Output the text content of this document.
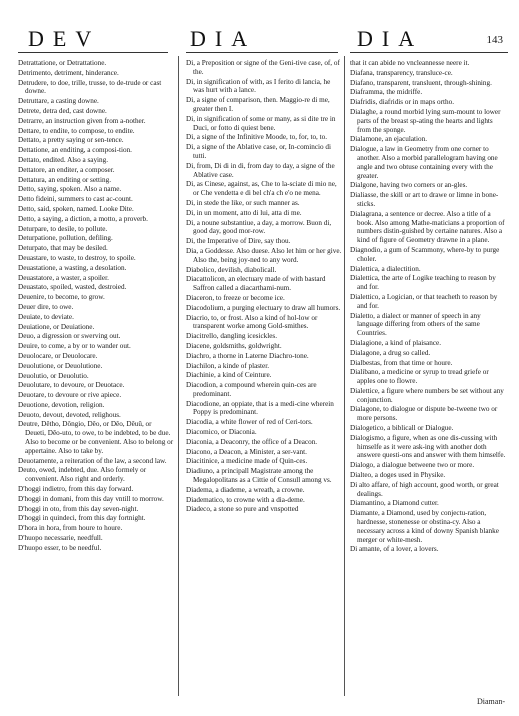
DEV	DIA	DIA	143
Detrattatione, or Detrattatione.
Detrimento, detriment, hinderance.
Detrudere, to doe, trille, trusse, to de-trude or cast downe.
Detruttare, a casting downe.
Detrete, detra ded, cast downe.
Detrarre, an instruction given from a-nother.
Dettare, to endite, to compose, to endite.
Dettato, a pretty saying or sen-tence.
Dettatione, an enditing, a composi-tion.
Dettato, endited. Also a saying.
Dettatore, an enditer, a composer.
Dettatura, an enditing or setting.
Detto, saying, spoken. Also a name.
Detto fideini, summers to cast ac-count.
Detto, said, spoken, named. Looke Dite.
Detto, a saying, a diction, a motto, a proverb.
Deturpare, to desile, to pollute.
Deturpatione, pollution, defiling.
Deturpato, that may be desiled.
Deuastare, to waste, to destroy, to spoile.
Deuastatione, a wasting, a desolation.
Deuastatore, a waster, a spoiler.
Deuastato, spoiled, wasted, destroied.
Deuenire, to become, to grow.
Deuer dire, to owe.
Deuiate, to deviate.
Deuiatione, or Deuiatione.
Deuo, a digression or swerving out.
Deuire, to come, a by or to wander out.
Deuolocare, or Deuolocare.
Deuolutione, or Deuolutione.
Deuolutio, or Deuolutio.
Deuolutare, to devoure, or Deuotace.
Deuotare, to devoure or rive apiece.
Deuotione, devotion, religion.
Deuoto, devout, devoted, relighous.
Deutre, Dêtho, Dôngio, Dêo, or Dêo, Dêuû, or Deueti, Dêo-uto, to owe, to be indebted, to be due. Also to become or be convenient. Also to belong or appertaine. Also to take by.
Deuotamente, a reiteration of the law, a second law.
Deuto, owed, indebted, due. Also formely or convenient. Also right and orderly.
D'hoggi indietro, from this day forward.
D'hoggi in domani, from this day vntill to morrow.
D'hoggi in oto, from this day seven-night.
D'hoggi in quindeci, from this day fortnight.
D'hora in hora, from houre to houre.
D'huopo necessarie, needfull.
D'huopo esser, to be needful.
Di, a Preposition or signe of the Geni-tive case, of, of the.
Di, in signification of with, as I ferito di lancia, he was hurt with a lance.
Di, a signe of comparison, then. Maggio-re di me, greater then I.
Di, in signification of some or many, as si dite tre in Duci, or fotto di quiest bene.
Di, a signe of the Infinitive Moode, to, for, to, to.
Di, a signe of the Ablative case, or, In-comincio di tutti.
Di, from, Di di in di, from day to day, a signe of the Ablative case.
Di, as Cinese, against, as, Che to la-sciate di mio ne, or Che vendetta e di bel ch'a ch e'o ne mena.
Di, in stede the like, or such manner as.
Di, in un moment, atto di lui, atta di me.
Di, a noune substantiue, a day, a morrow. Buon di, good day, good mor-row.
Di, the Imperative of Dire, say thou.
Dia, a Goddesse. Also duese. Also let him or her give. Also the, being joy-ned to any word.
Diabolico, devilish, diabolicall.
Diacattolicon, an electuary made of with bastard Saffron called a diacarthami-num.
Diaceron, to freeze or become ice.
Diacodolium, a purging electuary to draw all humors.
Diacrio, to, or frost. Also a kind of hol-low or transparent worke among Gold-smithes.
Diacitrello, dangling icesickles.
Diacene, goldsmiths, goldwright.
Diachro, a thorne in Laterne Diachro-tone.
Diachilon, a kinde of plaster.
Diachinie, a kind of Ceinture.
Diacodion, a compound wherein quin-ces are predominant.
Diacodione, an oppiate, that is a medi-cine wherein Poppy is predominant.
Diacodia, a white flower of red of Ceri-tors.
Diacomico, or Diaconia.
Diaconia, a Deaconry, the office of a Deacon.
Diacono, a Deacon, a Minister, a ser-vant.
Diacitinice, a medicine made of Quin-ces.
Diadiuno, a principall Magistrate among the Megalopolitans as a Cittie of Consull among vs.
Diadema, a diademe, a wreath, a crowne.
Diadematico, to crowne with a dia-deme.
Diadeco, a stone so pure and vnspotted
that it can abide no vncleannesse neere it.
Diafana, transparency, transluce-ce.
Diafano, transparent, transluent, through-shining.
Diaframma, the midriffe.
Diafridis, diafridis or in maps ortho.
Dialaghe, a round morbid lying sum-mount to lower parts of the breast sp-ating the hearts and lights from the sponge.
Dialamone, an ejaculation.
Dialogue, a law in Geometry from one corner to another. Also a morbid parallelogram having one angle and two obtuse containing every with the greater.
Dialgone, having two corners or an-gles.
Dialiasse, the skill or art to drawe or limne in bone-sticks.
Dialagrana, a sentence or decree. Also a title of a book. Also among Mathe-maticians a proportion of numbers distin-guished by certaine natures. Also a kind of figure of Geometry drawne in a plane.
Diagnodio, a gum of Scammony, where-by to purge choler.
Dialettica, a dialectition.
Dialettica, the arte of Logike teaching to reason by and for.
Dialettico, a Logician, or that teacheth to reason by and for.
Dialetto, a dialect or manner of speech in any language differing from others of the same Countries.
Dialagione, a kind of plaisance.
Dialagone, a drug so called.
Dialbestas, from that time or houre.
Dialibano, a medicine or syrup to tread griefe or apples one to flowre.
Dialettice, a figure where numbers be set without any conjunction.
Dialagone, to dialogue or dispute be-tweene two or more persons.
Dialogetico, a biblicall or Dialogue.
Dialogismo, a figure, when as one dis-cussing with himselfe as it were ask-ing with another doth answere questi-ons and answer with them himselfe.
Dialogo, a dialogue betweene two or more.
Dialteo, a doges used in Physike.
Di alto affare, of high account, good worth, or great dealings.
Diamantino, a Diamond cutter.
Diamante, a Diamond, used by conjectu-ration, hardnesse, stonenesse or obstina-cy. Also a necessary across a kind of downy Spanish blanke merger or white-mesh.
Di amante, of a lover, a lovers.
Diaman-
